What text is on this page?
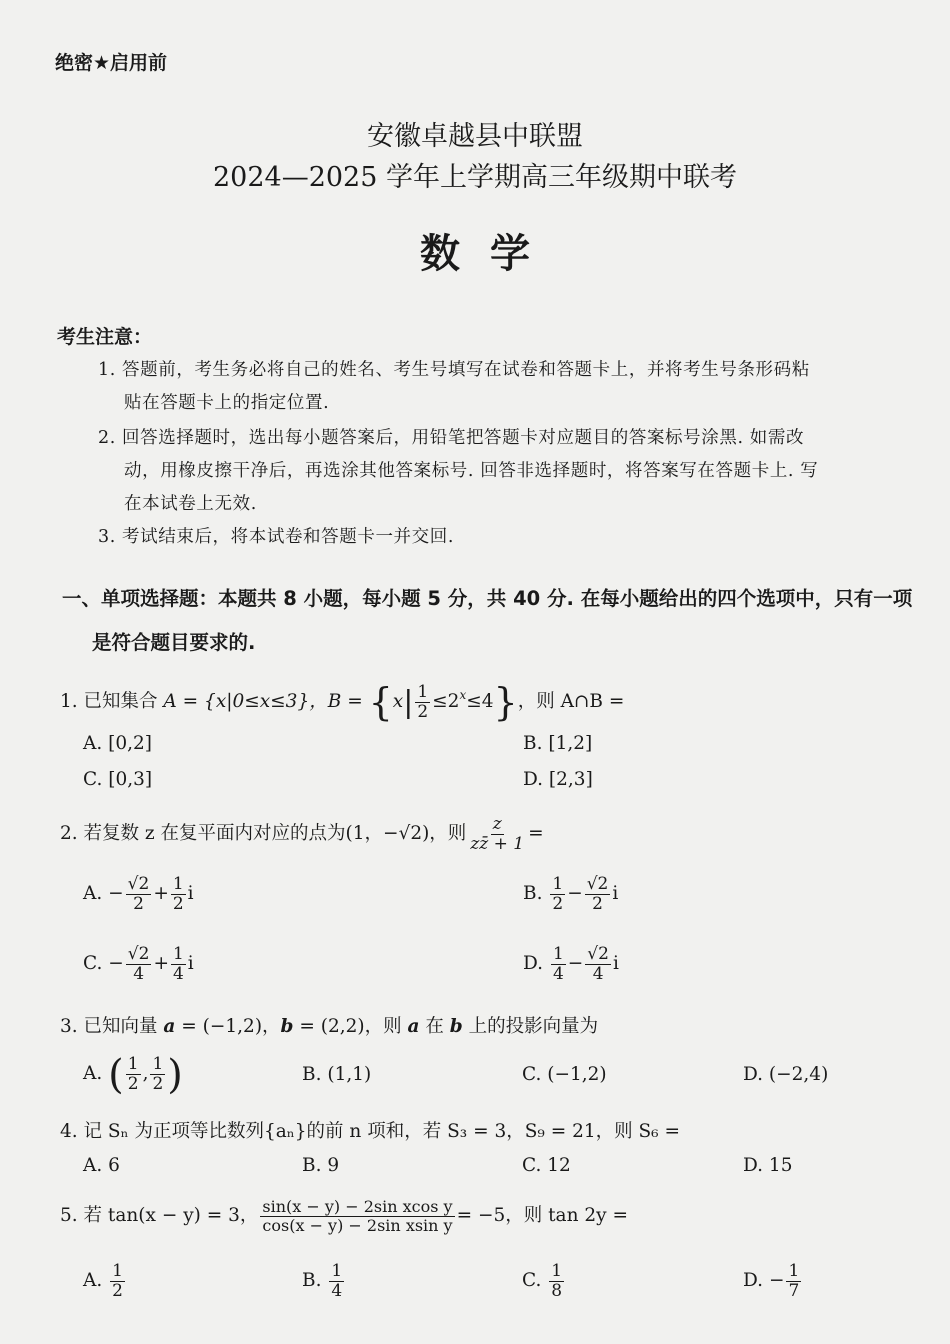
绝密★启用前
安徽卓越县中联盟
2024—2025 学年上学期高三年级期中联考
数学
考生注意：
1. 答题前，考生务必将自己的姓名、考生号填写在试卷和答题卡上，并将考生号条形码粘
贴在答题卡上的指定位置.
2. 回答选择题时，选出每小题答案后，用铅笔把答题卡对应题目的答案标号涂黑. 如需改
动，用橡皮擦干净后，再选涂其他答案标号. 回答非选择题时，将答案写在答题卡上. 写
在本试卷上无效.
3. 考试结束后，将本试卷和答题卡一并交回.
一、单项选择题：本题共 8 小题，每小题 5 分，共 40 分. 在每小题给出的四个选项中，只有一项
是符合题目要求的.
1. 已知集合 A = {x|0≤x≤3}，$B = \{x| \frac{1}{2} \le 2^x\le 4\}$，则 A∩B =
A. [0,2]	B. [1,2]
C. [0,3]	D. [2,3]
2. 若复数 z 在复平面内对应的点为(1，−√2)，则 $\frac{z}{zz̄ + 1}$ =
A. − $\frac{√2}{2} + \frac{1}{2}$ i	B. $\frac{1}{2} - \frac{√2}{2}$ i
C. − $\frac{√2}{4} + \frac{1}{4}$ i	D. $\frac{1}{4} - \frac{√2}{4}$ i
3. 已知向量 a = (−1,2)，b = (2,2)，则 a 在 b 上的投影向量为
A. ( $\frac{1}{2}$ , $\frac{1}{2}$ )	B. (1,1)	C. (−1,2)	D. (−2,4)
4. 记 Sₙ 为正项等比数列{aₙ}的前 n 项和，若 S₃ = 3，S₉ = 21，则 S₆ =
A. 6	B. 9	C. 12	D. 15
5. 若 tan(x − y) = 3， $\frac{\text{sin(x − y) − 2sin xcos y}}{\text{cos(x − y) − 2sin xsin y}} = -5$，则 tan 2y =
A. $\frac{1}{2}$	B. $\frac{1}{4}$	C. $\frac{1}{8}$	D. − $\frac{1}{7}$
